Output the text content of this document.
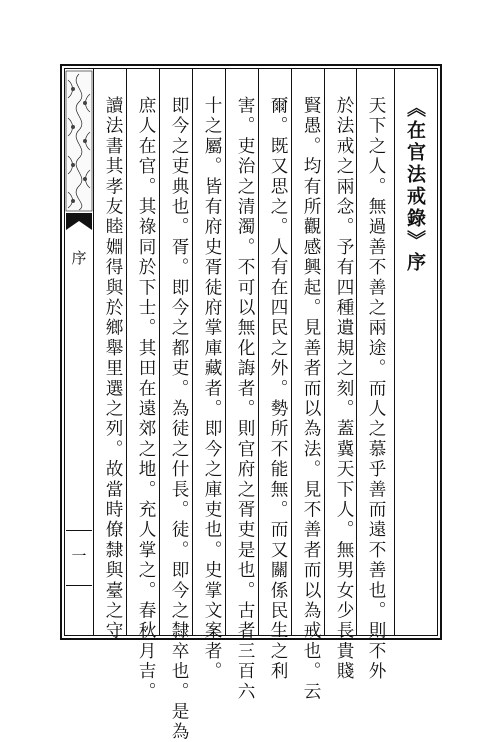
序
一
《在官法戒錄》序
天下之人。無過善不善之兩途。而人之慕乎善而遠不善也。則不外
於法戒之兩念。予有四種遺規之刻。蓋冀天下人。無男女少長貴賤
賢愚。均有所觀感興起。見善者而以為法。見不善者而以為戒也。云
爾。既又思之。人有在四民之外。勢所不能無。而又關係民生之利
害。吏治之清濁。不可以無化誨者。則官府之胥吏是也。古者三百六
十之屬。皆有府史胥徒府掌庫藏者。即今之庫吏也。史掌文案者。
即今之吏典也。胥。即今之都吏。為徒之什長。徒。即今之隸卒也。是為
庶人在官。其祿同於下士。其田在遠郊之地。充人掌之。春秋月吉。
讀法書其孝友睦婣得與於鄉舉里選之列。故當時僚隸與臺之守
